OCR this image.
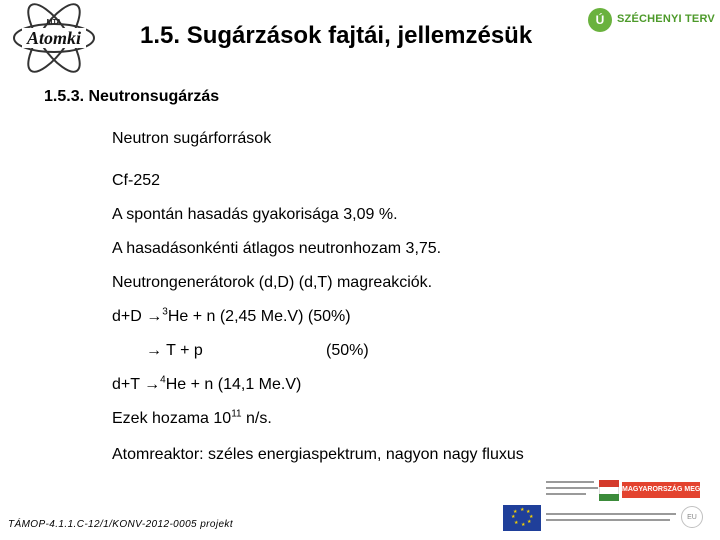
MTA
Atomki 1.5. Sugárzások fajtái, jellemzésük
Ú	SZÉCHENYI TERV
1.5.3. Neutronsugárzás
Neutron sugárforrások
Cf-252
A spontán hasadás gyakorisága 3,09 %.
A hasadásonkénti átlagos neutronhozam 3,75.
Neutrongenerátorok (d,D) (d,T) magreakciók.
d+D →$^3$He + n (2,45 Me.V) (50%)
→ T + p	(50%)
d+T →$^4$He + n (14,1 Me.V)
Ezek hozama $10^{11}$ n/s.
Atomreaktor: széles energiaspektrum, nagyon nagy fluxus
TÁMOP-4.1.1.C-12/1/KONV-2012-0005 projekt
MAGYARORSZÁG MEGÚJUL
★ ★
★
★
★
★
★
★
EU
